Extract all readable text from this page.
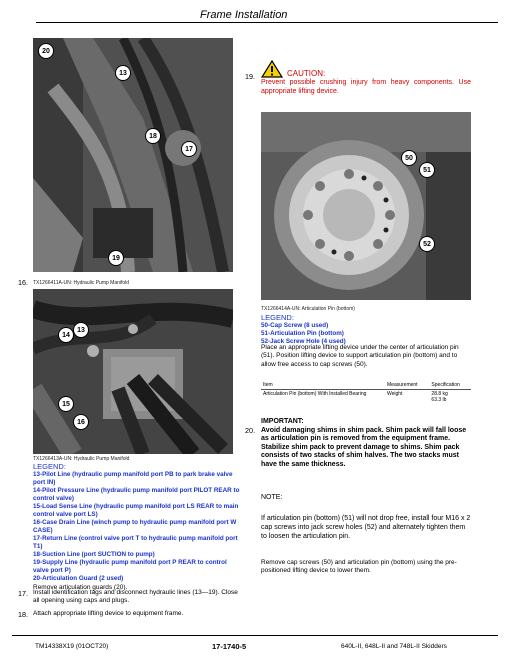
Frame Installation
20
13
18
17
19
16. TX1266411A-UN: Hydraulic Pump Manifold
14
13
15
16
TX1266413A-UN: Hydraulic Pump Manifold
LEGEND:
13-Pilot Line (hydraulic pump manifold port PB to park brake valve port IN)
14-Pilot Pressure Line (hydraulic pump manifold port PILOT REAR to control valve)
15-Load Sense Line (hydraulic pump manifold port LS REAR to main control valve port LS)
16-Case Drain Line (winch pump to hydraulic pump manifold port W CASE)
17-Return Line (control valve port T to hydraulic pump manifold port T1)
18-Suction Line (port SUCTION to pump)
19-Supply Line (hydraulic pump manifold port P REAR to control valve port P)
20-Articulation Guard (2 used)
Remove articulation guards (20).
17. Install identification tags and disconnect hydraulic lines (13—19). Close all opening using caps and plugs.
18. Attach appropriate lifting device to equipment frame.
19.	CAUTION:
Prevent possible crushing injury from heavy components. Use appropriate lifting device.
50
51
52
TX1266414A-UN: Articulation Pin (bottom)
LEGEND:
50-Cap Screw (8 used)
51-Articulation Pin (bottom)
52-Jack Screw Hole (4 used)
Place an appropriate lifting device under the center of articulation pin (51). Position lifting device to support articulation pin (bottom) and to allow free access to cap screws (50).
Item	Measurement	Specification
Articulation Pin (bottom) With Installed Bearing	Weight	28.8 kg
63.3 lb
20.
IMPORTANT:
Avoid damaging shims in shim pack. Shim pack will fall loose as articulation pin is removed from the equipment frame. Stabilize shim pack to prevent damage to shims. Shim pack consists of two stacks of shim halves. The two stacks must have the same thickness.
NOTE:
If articulation pin (bottom) (51) will not drop free, install four M16 x 2 cap screws into jack screw holes (52) and alternately tighten them to loosen the articulation pin.
Remove cap screws (50) and articulation pin (bottom) using the pre-positioned lifting device to lower them.
TM14338X19 (01OCT20)	17-1740-5	640L-II, 648L-II and 748L-II Skidders
